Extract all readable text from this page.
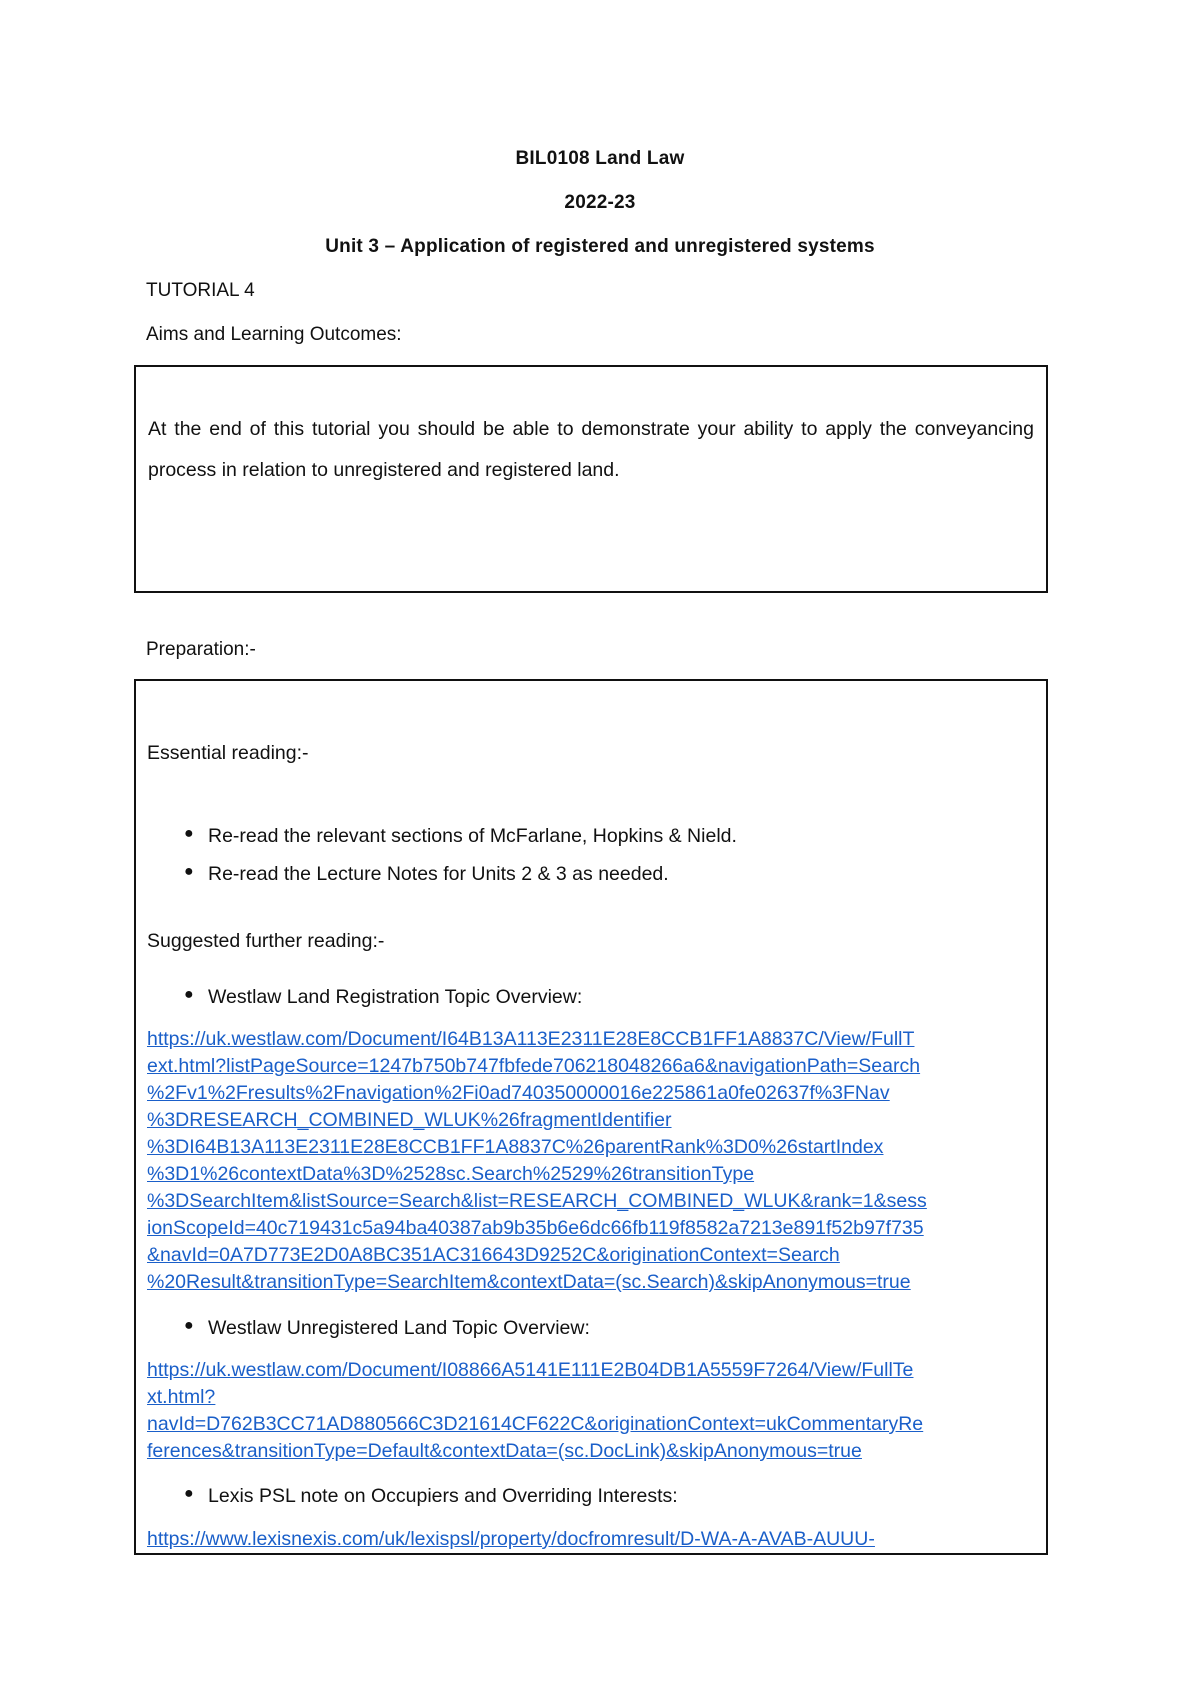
BIL0108 Land Law
2022-23
Unit 3 – Application of registered and unregistered systems
TUTORIAL 4
Aims and Learning Outcomes:
At the end of this tutorial you should be able to demonstrate your ability to apply the conveyancing process in relation to unregistered and registered land.
Preparation:-
Essential reading:-
● Re-read the relevant sections of McFarlane, Hopkins & Nield.
● Re-read the Lecture Notes for Units 2 & 3 as needed.
Suggested further reading:-
● Westlaw Land Registration Topic Overview:
https://uk.westlaw.com/Document/I64B13A113E2311E28E8CCB1FF1A8837C/View/FullT
ext.html?listPageSource=1247b750b747fbfede706218048266a6&navigationPath=Search
%2Fv1%2Fresults%2Fnavigation%2Fi0ad740350000016e225861a0fe02637f%3FNav
%3DRESEARCH_COMBINED_WLUK%26fragmentIdentifier
%3DI64B13A113E2311E28E8CCB1FF1A8837C%26parentRank%3D0%26startIndex
%3D1%26contextData%3D%2528sc.Search%2529%26transitionType
%3DSearchItem&listSource=Search&list=RESEARCH_COMBINED_WLUK&rank=1&sess
ionScopeId=40c719431c5a94ba40387ab9b35b6e6dc66fb119f8582a7213e891f52b97f735
&navId=0A7D773E2D0A8BC351AC316643D9252C&originationContext=Search
%20Result&transitionType=SearchItem&contextData=(sc.Search)&skipAnonymous=true
● Westlaw Unregistered Land Topic Overview:
https://uk.westlaw.com/Document/I08866A5141E111E2B04DB1A5559F7264/View/FullTe
xt.html?
navId=D762B3CC71AD880566C3D21614CF622C&originationContext=ukCommentaryRe
ferences&transitionType=Default&contextData=(sc.DocLink)&skipAnonymous=true
● Lexis PSL note on Occupiers and Overriding Interests:
https://www.lexisnexis.com/uk/lexispsl/property/docfromresult/D-WA-A-AVAB-AUUU-
